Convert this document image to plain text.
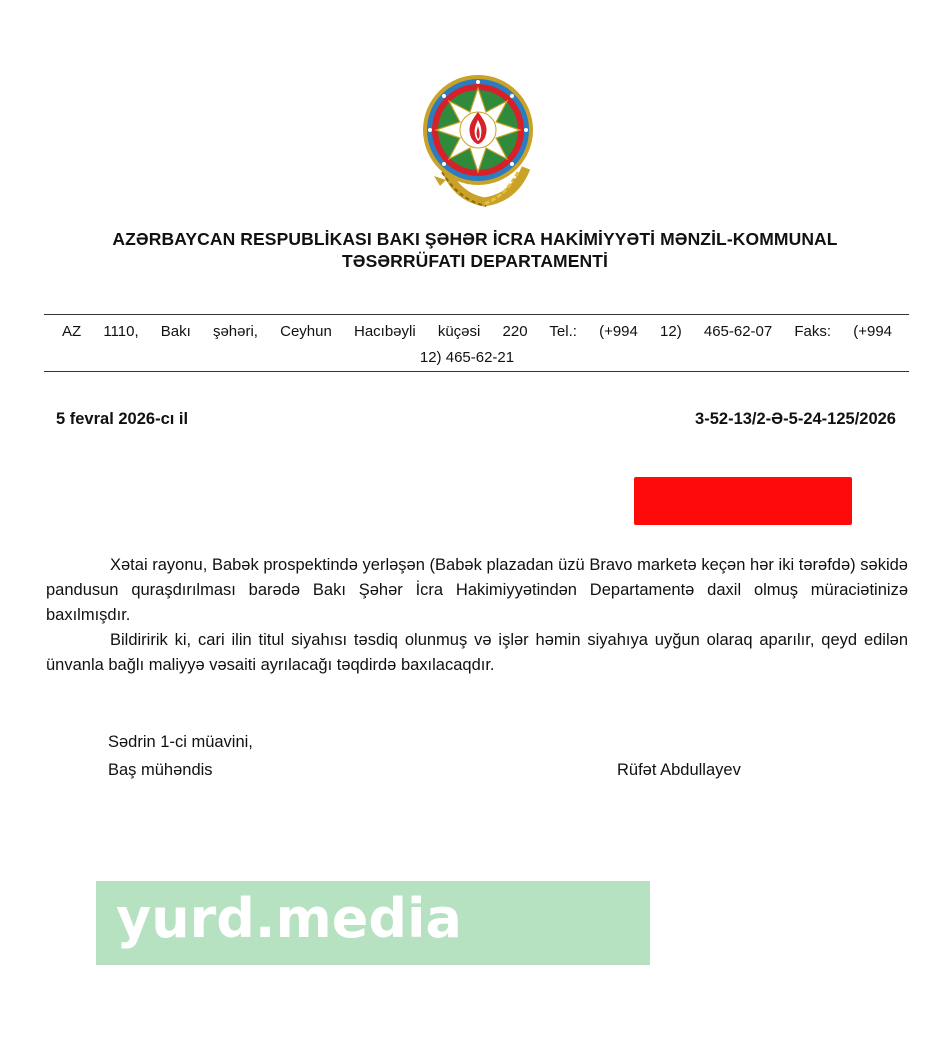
AZƏRBAYCAN RESPUBLİKASI BAKI ŞƏHƏR İCRA HAKİMİYYƏTİ MƏNZİL-KOMMUNAL
TƏSƏRRÜFATI DEPARTAMENTİ
AZ 1110, Bakı şəhəri, Ceyhun Hacıbəyli küçəsi 220 Tel.: (+994 12) 465-62-07 Faks: (+994
12) 465-62-21
5 fevral 2026-cı il	3-52-13/2-Ə-5-24-125/2026

Xətai rayonu, Babək prospektində yerləşən (Babək plazadan üzü Bravo marketə keçən hər iki tərəfdə) səkidə pandusun quraşdırılması barədə Bakı Şəhər İcra Hakimiyyətindən Departamentə daxil olmuş müraciətinizə baxılmışdır.

Bildiririk ki, cari ilin titul siyahısı təsdiq olunmuş və işlər həmin siyahıya uyğun olaraq aparılır, qeyd edilən ünvanla bağlı maliyyə vəsaiti ayrılacağı təqdirdə baxılacaqdır.

Sədrin 1-ci müavini,
Baş mühəndis	Rüfət Abdullayev
yurd.media
